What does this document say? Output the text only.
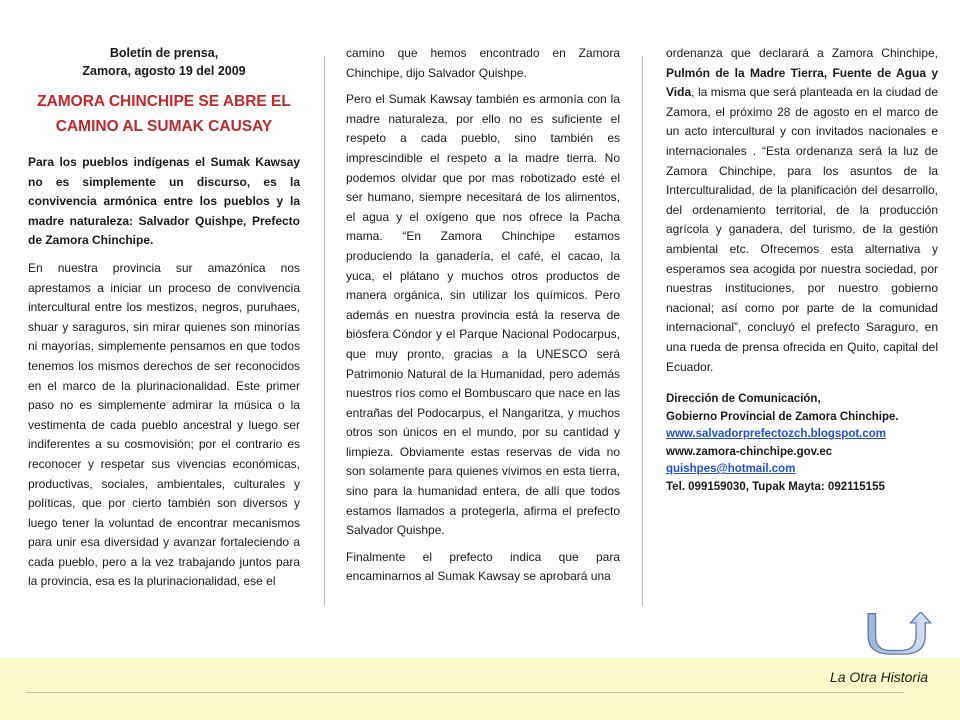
Boletín de prensa,

Zamora, agosto 19 del 2009

ZAMORA CHINCHIPE SE ABRE EL CAMINO AL SUMAK CAUSAY

Para los pueblos indígenas el Sumak Kawsay no es simplemente un discurso, es la convivencia armónica entre los pueblos y la madre naturaleza: Salvador Quishpe, Prefecto de Zamora Chinchipe.

En nuestra provincia sur amazónica nos aprestamos a iniciar un proceso de convivencia intercultural entre los mestizos, negros, puruhaes, shuar y saraguros, sin mirar quienes son minorías ni mayorías, simplemente pensamos en que todos tenemos los mismos derechos de ser reconocidos en el marco de la plurinacionalidad. Este primer paso no es simplemente admirar la música o la vestimenta de cada pueblo ancestral y luego ser indiferentes a su cosmovisión; por el contrario es reconocer y respetar sus vivencias económicas, productivas, sociales, ambientales, culturales y políticas, que por cierto también son diversos y luego tener la voluntad de encontrar mecanismos para unir esa diversidad y avanzar fortaleciendo a cada pueblo, pero a la vez trabajando juntos para la provincia, esa es la plurinacionalidad, ese el

camino que hemos encontrado en Zamora Chinchipe, dijo Salvador Quishpe.

Pero el Sumak Kawsay también es armonía con la madre naturaleza, por ello no es suficiente el respeto a cada pueblo, sino también es imprescindible el respeto a la madre tierra. No podemos olvidar que por mas robotizado esté el ser humano, siempre necesitará de los alimentos, el agua y el oxígeno que nos ofrece la Pacha mama. “En Zamora Chinchipe estamos produciendo la ganadería, el café, el cacao, la yuca, el plátano y muchos otros productos de manera orgánica, sin utilizar los químicos. Pero además en nuestra provincia está la reserva de biósfera Cóndor y el Parque Nacional Podocarpus, que muy pronto, gracias a la UNESCO será Patrimonio Natural de la Humanidad, pero además nuestros ríos como el Bombuscaro que nace en las entrañas del Podocarpus, el Nangaritza, y muchos otros son únicos en el mundo, por su cantidad y limpieza. Obviamente estas reservas de vida no son solamente para quienes vivimos en esta tierra, sino para la humanidad entera, de allí que todos estamos llamados a protegerla, afirma el prefecto Salvador Quishpe.

Finalmente el prefecto indica que para encaminarnos al Sumak Kawsay se aprobará una

ordenanza que declarará a Zamora Chinchipe, Pulmón de la Madre Tierra, Fuente de Agua y Vida, la misma que será planteada en la ciudad de Zamora, el próximo 28 de agosto en el marco de un acto intercultural y con invitados nacionales e internacionales . “Esta ordenanza será la luz de Zamora Chinchipe, para los asuntos de la Interculturalidad, de la planificación del desarrollo, del ordenamiento territorial, de la producción agrícola y ganadera, del turismo, de la gestión ambiental etc. Ofrecemos esta alternativa y esperamos sea acogida por nuestra sociedad, por nuestras instituciones, por nuestro gobierno nacional; así como por parte de la comunidad internacional”, concluyó el prefecto Saraguro, en una rueda de prensa ofrecida en Quito, capital del Ecuador.

Dirección de Comunicación,
Gobierno Provincial de Zamora Chinchipe.
www.salvadorprefectozch.blogspot.com
www.zamora-chinchipe.gov.ec
quishpes@hotmail.com
Tel. 099159030, Tupak Mayta: 092115155
La Otra Historia
